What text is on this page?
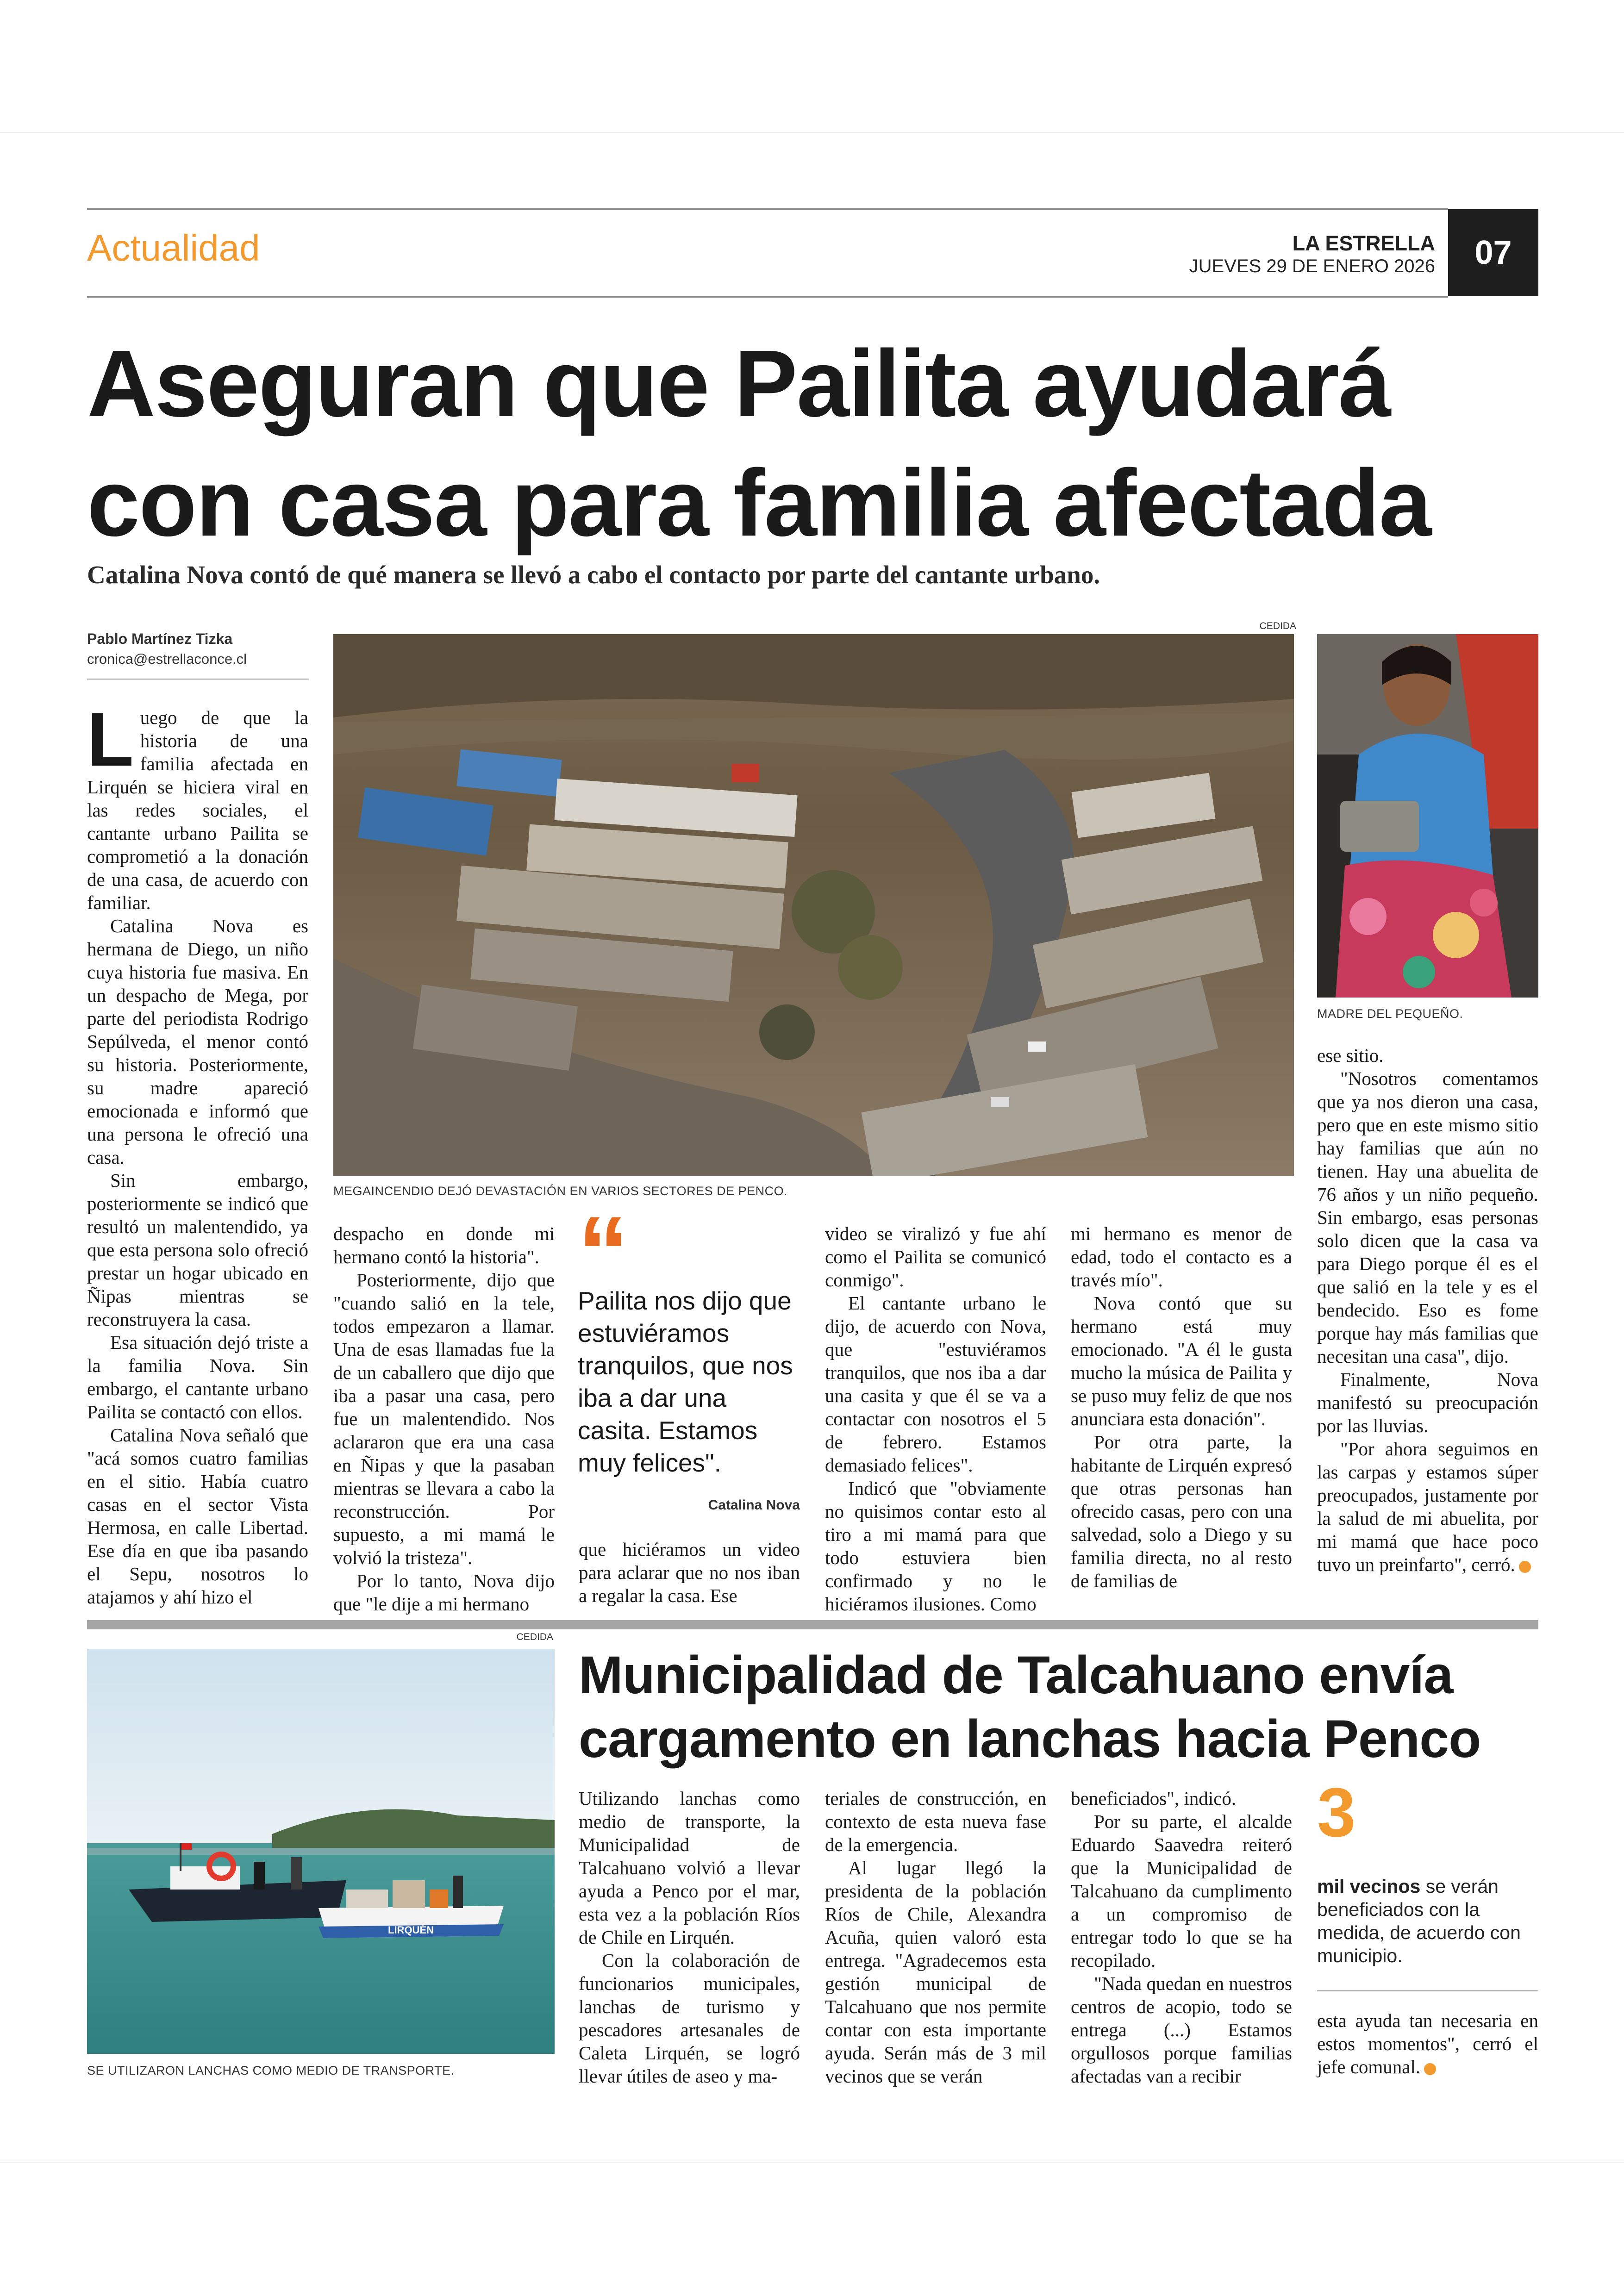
Actualidad	LA ESTRELLA
JUEVES 29 DE ENERO 2026	07
Aseguran que Pailita ayudará
con casa para familia afectada
Catalina Nova contó de qué manera se llevó a cabo el contacto por parte del cantante urbano.
Pablo Martínez Tizka
cronica@estrellaconce.cl
CEDIDA
MEGAINCENDIO DEJÓ DEVASTACIÓN EN VARIOS SECTORES DE PENCO.
MADRE DEL PEQUEÑO.
L uego de que la historia de una familia afectada en Lirquén se hiciera viral en las redes sociales, el cantante urbano Pailita se comprometió a la donación de una casa, de acuerdo con familiar.

Catalina Nova es hermana de Diego, un niño cuya historia fue masiva. En un despacho de Mega, por parte del periodista Rodrigo Sepúlveda, el menor contó su historia. Posteriormente, su madre apareció emocionada e informó que una persona le ofreció una casa.

Sin embargo, posteriormente se indicó que resultó un malentendido, ya que esta persona solo ofreció prestar un hogar ubicado en Ñipas mientras se reconstruyera la casa.

Esa situación dejó triste a la familia Nova. Sin embargo, el cantante urbano Pailita se contactó con ellos.

Catalina Nova señaló que "acá somos cuatro familias en el sitio. Había cuatro casas en el sector Vista Hermosa, en calle Libertad. Ese día en que iba pasando el Sepu, nosotros lo atajamos y ahí hizo el

despacho en donde mi hermano contó la historia".

Posteriormente, dijo que "cuando salió en la tele, todos empezaron a llamar. Una de esas llamadas fue la de un caballero que dijo que iba a pasar una casa, pero fue un malentendido. Nos aclararon que era una casa en Ñipas y que la pasaban mientras se llevara a cabo la reconstrucción. Por supuesto, a mi mamá le volvió la tristeza".

Por lo tanto, Nova dijo que "le dije a mi hermano

“
Pailita nos dijo que estuviéramos tranquilos, que nos iba a dar una casita. Estamos muy felices".
Catalina Nova

que hiciéramos un video para aclarar que no nos iban a regalar la casa. Ese

video se viralizó y fue ahí como el Pailita se comunicó conmigo".

El cantante urbano le dijo, de acuerdo con Nova, que "estuviéramos tranquilos, que nos iba a dar una casita y que él se va a contactar con nosotros el 5 de febrero. Estamos demasiado felices".

Indicó que "obviamente no quisimos contar esto al tiro a mi mamá para que todo estuviera bien confirmado y no le hiciéramos ilusiones. Como

mi hermano es menor de edad, todo el contacto es a través mío".

Nova contó que su hermano está muy emocionado. "A él le gusta mucho la música de Pailita y se puso muy feliz de que nos anunciara esta donación".

Por otra parte, la habitante de Lirquén expresó que otras personas han ofrecido casas, pero con una salvedad, solo a Diego y su familia directa, no al resto de familias de

ese sitio.

"Nosotros comentamos que ya nos dieron una casa, pero que en este mismo sitio hay familias que aún no tienen. Hay una abuelita de 76 años y un niño pequeño. Sin embargo, esas personas solo dicen que la casa va para Diego porque él es el que salió en la tele y es el bendecido. Eso es fome porque hay más familias que necesitan una casa", dijo.

Finalmente, Nova manifestó su preocupación por las lluvias.

"Por ahora seguimos en las carpas y estamos súper preocupados, justamente por la salud de mi abuelita, por mi mamá que hace poco tuvo un preinfarto", cerró.

CEDIDA
LIRQUÉN
SE UTILIZARON LANCHAS COMO MEDIO DE TRANSPORTE.
Municipalidad de Talcahuano envía
cargamento en lanchas hacia Penco

Utilizando lanchas como medio de transporte, la Municipalidad de Talcahuano volvió a llevar ayuda a Penco por el mar, esta vez a la población Ríos de Chile en Lirquén.

Con la colaboración de funcionarios municipales, lanchas de turismo y pescadores artesanales de Caleta Lirquén, se logró llevar útiles de aseo y ma-

teriales de construcción, en contexto de esta nueva fase de la emergencia.

Al lugar llegó la presidenta de la población Ríos de Chile, Alexandra Acuña, quien valoró esta entrega. "Agradecemos esta gestión municipal de Talcahuano que nos permite contar con esta importante ayuda. Serán más de 3 mil vecinos que se verán

beneficiados", indicó.

Por su parte, el alcalde Eduardo Saavedra reiteró que la Municipalidad de Talcahuano da cumplimento a un compromiso de entregar todo lo que se ha recopilado.

"Nada quedan en nuestros centros de acopio, todo se entrega (...) Estamos orgullosos porque familias afectadas van a recibir

3
mil vecinos se verán beneficiados con la medida, de acuerdo con municipio.

esta ayuda tan necesaria en estos momentos", cerró el jefe comunal.
